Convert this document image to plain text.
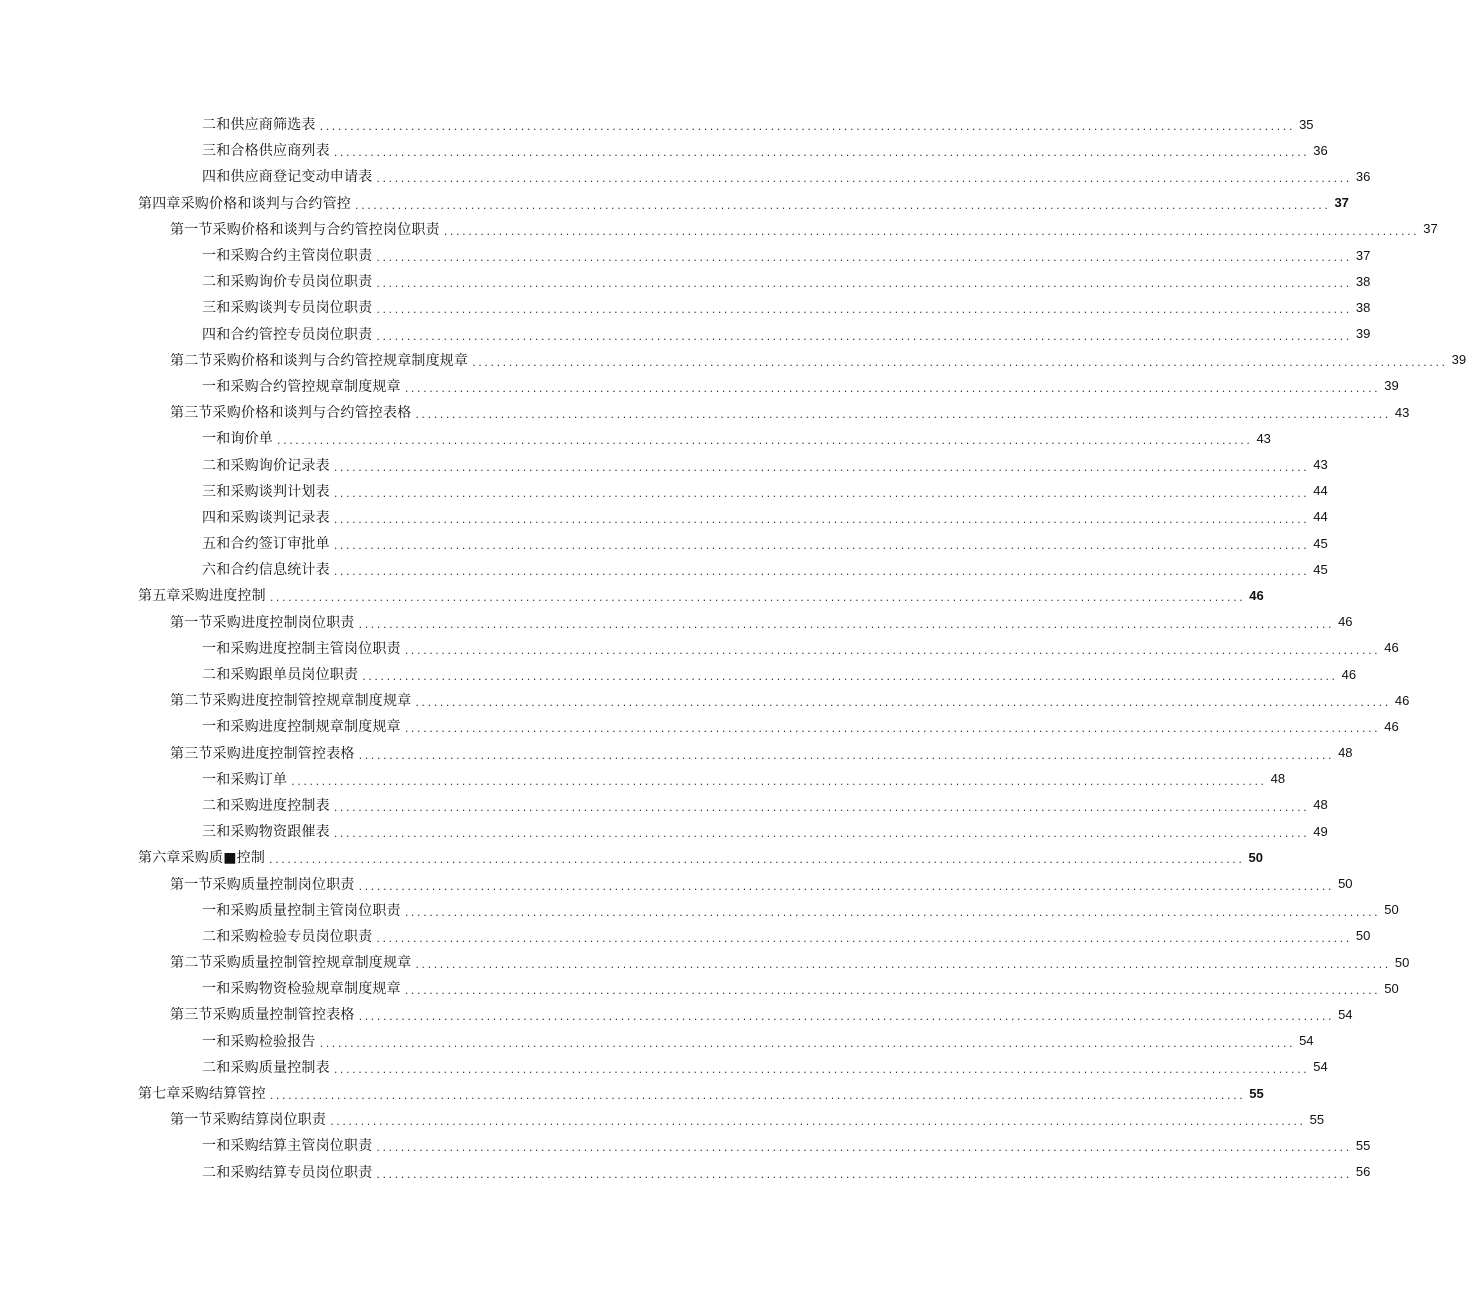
二和供应商筛选表 ................................................................................................................................................................ 35
三和合格供应商列表 ................................................................................................................................................................ 36
四和供应商登记变动申请表 ................................................................................................................................................................ 36
第四章采购价格和谈判与合约管控 ................................................................................................................................................................ 37
第一节采购价格和谈判与合约管控岗位职责 ................................................................................................................................................................ 37
一和采购合约主管岗位职责 ................................................................................................................................................................ 37
二和采购询价专员岗位职责 ................................................................................................................................................................ 38
三和采购谈判专员岗位职责 ................................................................................................................................................................ 38
四和合约管控专员岗位职责 ................................................................................................................................................................ 39
第二节采购价格和谈判与合约管控规章制度规章 ................................................................................................................................................................ 39
一和采购合约管控规章制度规章 ................................................................................................................................................................ 39
第三节采购价格和谈判与合约管控表格 ................................................................................................................................................................ 43
一和询价单 ................................................................................................................................................................ 43
二和采购询价记录表 ................................................................................................................................................................ 43
三和采购谈判计划表 ................................................................................................................................................................ 44
四和采购谈判记录表 ................................................................................................................................................................ 44
五和合约签订审批单 ................................................................................................................................................................ 45
六和合约信息统计表 ................................................................................................................................................................ 45
第五章采购进度控制 ................................................................................................................................................................ 46
第一节采购进度控制岗位职责 ................................................................................................................................................................ 46
一和采购进度控制主管岗位职责 ................................................................................................................................................................ 46
二和采购跟单员岗位职责 ................................................................................................................................................................ 46
第二节采购进度控制管控规章制度规章 ................................................................................................................................................................ 46
一和采购进度控制规章制度规章 ................................................................................................................................................................ 46
第三节采购进度控制管控表格 ................................................................................................................................................................ 48
一和采购订单 ................................................................................................................................................................ 48
二和采购进度控制表 ................................................................................................................................................................ 48
三和采购物资跟催表 ................................................................................................................................................................ 49
第六章采购质■控制 ................................................................................................................................................................ 50
第一节采购质量控制岗位职责 ................................................................................................................................................................ 50
一和采购质量控制主管岗位职责 ................................................................................................................................................................ 50
二和采购检验专员岗位职责 ................................................................................................................................................................ 50
第二节采购质量控制管控规章制度规章 ................................................................................................................................................................ 50
一和采购物资检验规章制度规章 ................................................................................................................................................................ 50
第三节采购质量控制管控表格 ................................................................................................................................................................ 54
一和采购检验报告 ................................................................................................................................................................ 54
二和采购质量控制表 ................................................................................................................................................................ 54
第七章采购结算管控 ................................................................................................................................................................ 55
第一节采购结算岗位职责 ................................................................................................................................................................ 55
一和采购结算主管岗位职责 ................................................................................................................................................................ 55
二和采购结算专员岗位职责 ................................................................................................................................................................ 56
